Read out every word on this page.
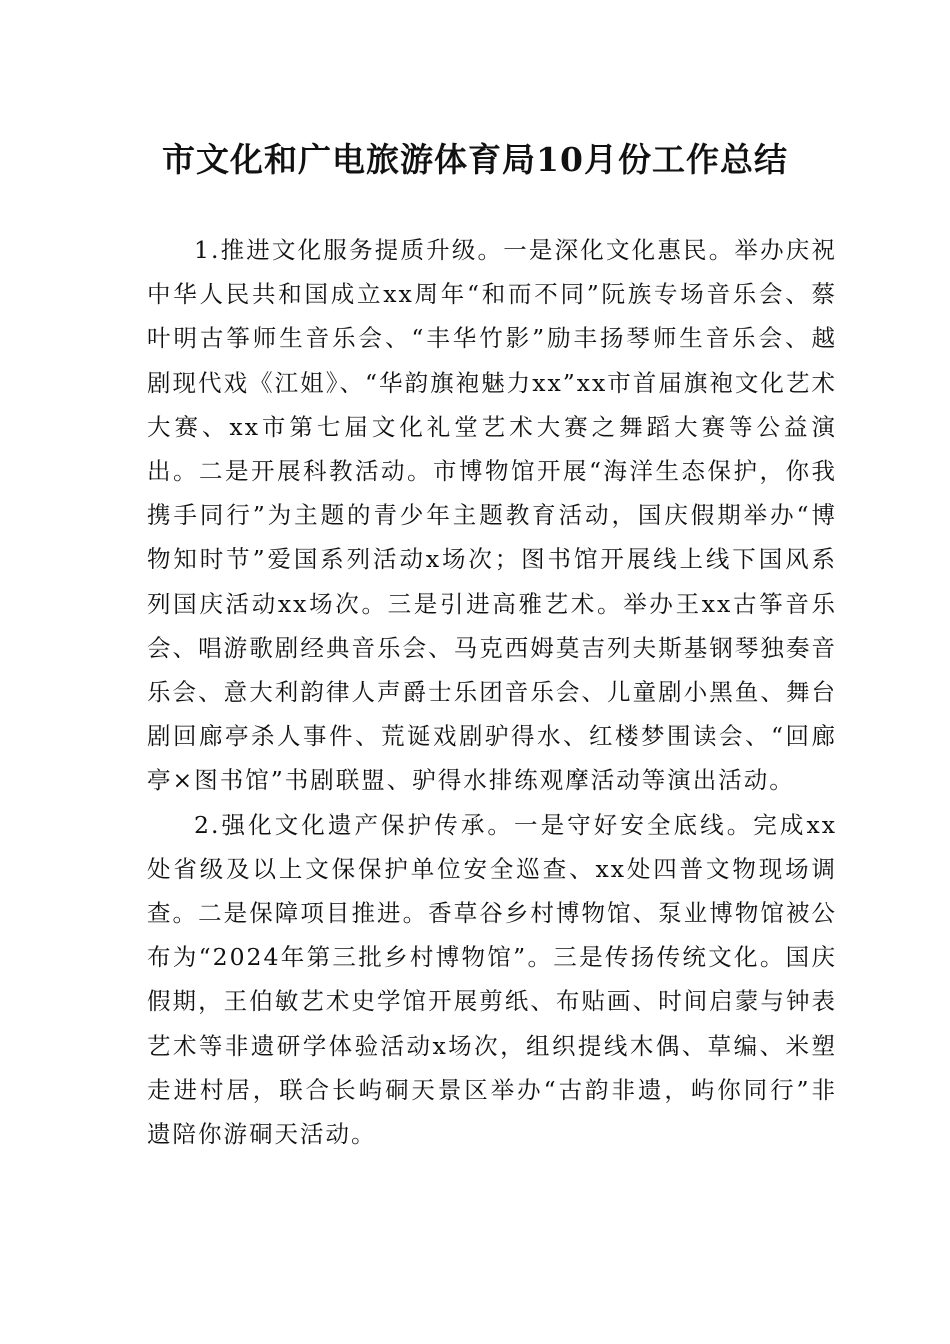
市文化和广电旅游体育局10月份工作总结

1.推进文化服务提质升级。一是深化文化惠民。举办庆祝中华人民共和国成立xx周年“和而不同”阮族专场音乐会、蔡叶明古筝师生音乐会、“丰华竹影”励丰扬琴师生音乐会、越剧现代戏《江姐》、“华韵旗袍魅力xx”xx市首届旗袍文化艺术大赛、xx市第七届文化礼堂艺术大赛之舞蹈大赛等公益演出。二是开展科教活动。市博物馆开展“海洋生态保护，你我携手同行”为主题的青少年主题教育活动，国庆假期举办“博物知时节”爱国系列活动x场次；图书馆开展线上线下国风系列国庆活动xx场次。三是引进高雅艺术。举办王xx古筝音乐会、唱游歌剧经典音乐会、马克西姆莫吉列夫斯基钢琴独奏音乐会、意大利韵律人声爵士乐团音乐会、儿童剧小黑鱼、舞台剧回廊亭杀人事件、荒诞戏剧驴得水、红楼梦围读会、“回廊亭×图书馆”书剧联盟、驴得水排练观摩活动等演出活动。

2.强化文化遗产保护传承。一是守好安全底线。完成xx处省级及以上文保保护单位安全巡查、xx处四普文物现场调查。二是保障项目推进。香草谷乡村博物馆、泵业博物馆被公布为“2024年第三批乡村博物馆”。三是传扬传统文化。国庆假期，王伯敏艺术史学馆开展剪纸、布贴画、时间启蒙与钟表艺术等非遗研学体验活动x场次，组织提线木偶、草编、米塑走进村居，联合长屿硐天景区举办“古韵非遗，屿你同行”非遗陪你游硐天活动。
